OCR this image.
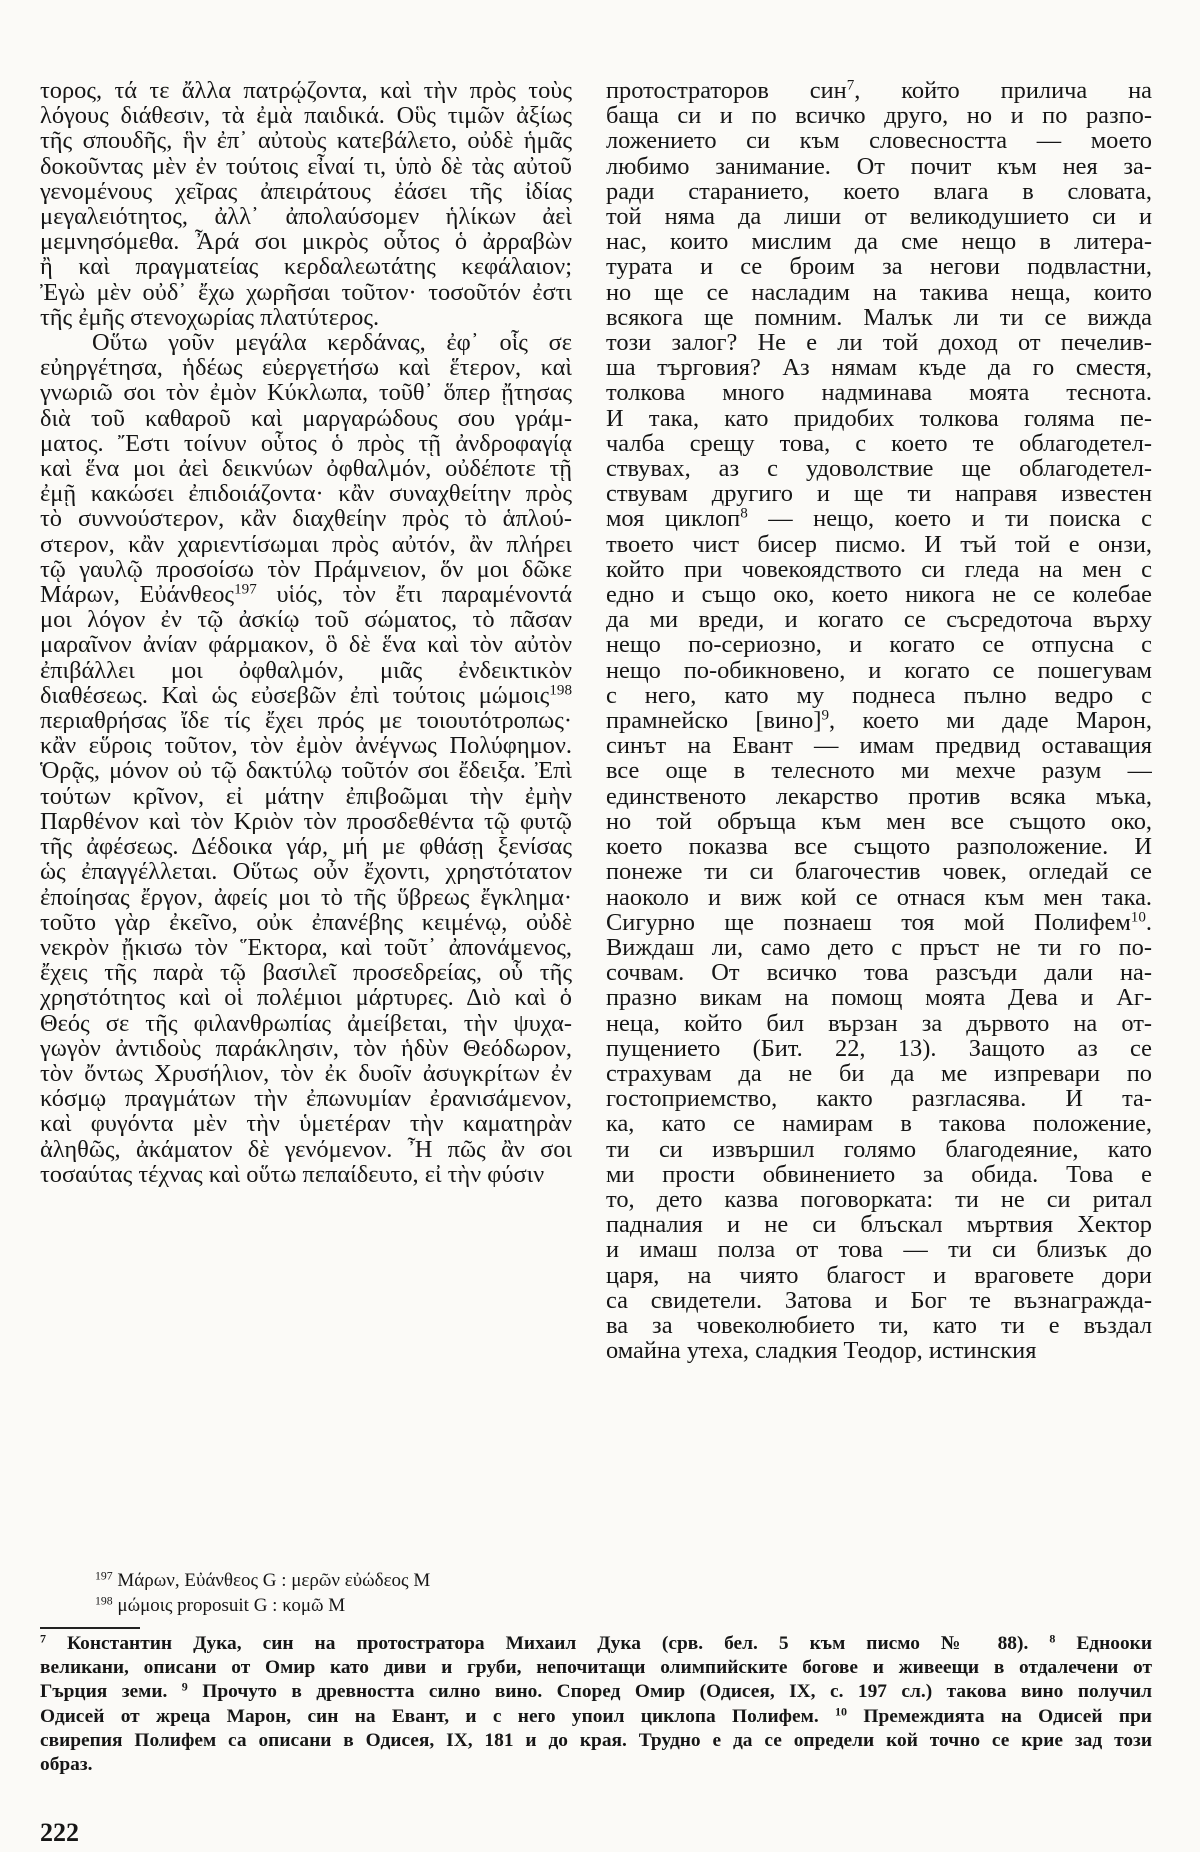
τορος, τά τε ἄλλα πατρῴζοντα, καὶ τὴν πρὸς τοὺς
λόγους διάθεσιν, τὰ ἐμὰ παιδικά. Οὓς τιμῶν ἀξίως
τῆς σπουδῆς, ἣν ἐπ᾽ αὐτοὺς κατεβάλετο, οὐδὲ ἡμᾶς
δοκοῦντας μὲν ἐν τούτοις εἶναί τι, ὑπὸ δὲ τὰς αὐτοῦ
γενομένους χεῖρας ἀπειράτους ἐάσει τῆς ἰδίας
μεγαλειότητος, ἀλλ᾽ ἀπολαύσομεν ἡλίκων ἀεὶ
μεμνησόμεθα. Ἆρά σοι μικρὸς οὗτος ὁ ἀρραβὼν
ἢ καὶ πραγματείας κερδαλεωτάτης κεφάλαιον;
Ἐγὼ μὲν οὐδ᾽ ἔχω χωρῆσαι τοῦτον· τοσοῦτόν ἐστι
τῆς ἐμῆς στενοχωρίας πλατύτερος.
Οὕτω γοῦν μεγάλα κερδάνας, ἐφ᾽ οἷς σε
εὐηργέτησα, ἡδέως εὐεργετήσω καὶ ἕτερον, καὶ
γνωριῶ σοι τὸν ἐμὸν Κύκλωπα, τοῦθ᾽ ὅπερ ᾔτησας
διὰ τοῦ καθαροῦ καὶ μαργαρώδους σου γράμ-
ματος. Ἔστι τοίνυν οὗτος ὁ πρὸς τῇ ἀνδροφαγίᾳ
καὶ ἕνα μοι ἀεὶ δεικνύων ὀφθαλμόν, οὐδέποτε τῇ
ἐμῇ κακώσει ἐπιδοιάζοντα· κἂν συναχθείτην πρὸς
τὸ συννούστερον, κἂν διαχθείην πρὸς τὸ ἁπλού-
στερον, κἂν χαριεντίσωμαι πρὸς αὐτόν, ἂν πλήρει
τῷ γαυλῷ προσοίσω τὸν Πράμνειον, ὅν μοι δῶκε
Μάρων, Εὐάνθεος$^{197}$ υἱός, τὸν ἔτι παραμένοντά
μοι λόγον ἐν τῷ ἀσκίῳ τοῦ σώματος, τὸ πᾶσαν
μαραῖνον ἀνίαν φάρμακον, ὃ δὲ ἕνα καὶ τὸν αὐτὸν
ἐπιβάλλει μοι ὀφθαλμόν, μιᾶς ἐνδεικτικὸν
διαθέσεως. Καὶ ὡς εὐσεβῶν ἐπὶ τούτοις μώμοις$^{198}$
περιαθρήσας ἴδε τίς ἔχει πρός με τοιουτότροπως·
κἂν εὕροις τοῦτον, τὸν ἐμὸν ἀνέγνως Πολύφημον.
Ὁρᾷς, μόνον οὐ τῷ δακτύλῳ τοῦτόν σοι ἔδειξα. Ἐπὶ
τούτων κρῖνον, εἰ μάτην ἐπιβοῶμαι τὴν ἐμὴν
Παρθένον καὶ τὸν Κριὸν τὸν προσδεθέντα τῷ φυτῷ
τῆς ἀφέσεως. Δέδοικα γάρ, μή με φθάσῃ ξενίσας
ὡς ἐπαγγέλλεται. Οὕτως οὖν ἔχοντι, χρηστότατον
ἐποίησας ἔργον, ἀφείς μοι τὸ τῆς ὕβρεως ἔγκλημα·
τοῦτο γὰρ ἐκεῖνο, οὐκ ἐπανέβης κειμένῳ, οὐδὲ
νεκρὸν ᾔκισω τὸν Ἕκτορα, καὶ τοῦτ᾽ ἀπονάμενος,
ἔχεις τῆς παρὰ τῷ βασιλεῖ προσεδρείας, οὗ τῆς
χρηστότητος καὶ οἱ πολέμιοι μάρτυρες. Διὸ καὶ ὁ
Θεός σε τῆς φιλανθρωπίας ἀμείβεται, τὴν ψυχα-
γωγὸν ἀντιδοὺς παράκλησιν, τὸν ἡδὺν Θεόδωρον,
τὸν ὄντως Χρυσήλιον, τὸν ἐκ δυοῖν ἀσυγκρίτων ἐν
κόσμῳ πραγμάτων τὴν ἐπωνυμίαν ἐρανισάμενον,
καὶ φυγόντα μὲν τὴν ὑμετέραν τὴν καματηρὰν
ἀληθῶς, ἀκάματον δὲ γενόμενον. Ἦ πῶς ἂν σοι
τοσαύτας τέχνας καὶ οὕτω πεπαίδευτο, εἰ τὴν φύσιν
протостраторов син$^7$, който прилича на
баща си и по всичко друго, но и по разпо-
ложението си към словесността — моето
любимо занимание. От почит към нея за-
ради старанието, което влага в словата,
той няма да лиши от великодушието си и
нас, които мислим да сме нещо в литера-
турата и се броим за негови подвластни,
но ще се насладим на такива неща, които
всякога ще помним. Малък ли ти се вижда
този залог? Не е ли той доход от печелив-
ша търговия? Аз нямам къде да го сместя,
толкова много надминава моята теснота.
И така, като придобих толкова голяма пе-
чалба срещу това, с което те облагодетел-
ствувах, аз с удоволствие ще облагодетел-
ствувам другиго и ще ти направя известен
моя циклоп$^8$ — нещо, което и ти поиска с
твоето чист бисер писмо. И тъй той е онзи,
който при човекоядството си гледа на мен с
едно и също око, което никога не се колебае
да ми вреди, и когато се съсредоточа върху
нещо по-сериозно, и когато се отпусна с
нещо по-обикновено, и когато се пошегувам
с него, като му поднеса пълно ведро с
прамнейско [вино]$^9$, което ми даде Марон,
синът на Евант — имам предвид оставащия
все още в телесното ми мехче разум —
единственото лекарство против всяка мъка,
но той обръща към мен все същото око,
което показва все същото разположение. И
понеже ти си благочестив човек, огледай се
наоколо и виж кой се отнася към мен така.
Сигурно ще познаеш тоя мой Полифем$^{10}$.
Виждаш ли, само дето с пръст не ти го по-
сочвам. От всичко това разсъди дали на-
празно викам на помощ моята Дева и Аг-
неца, който бил вързан за дървото на от-
пущението (Бит. 22, 13). Защото аз се
страхувам да не би да ме изпревари по
гостоприемство, както разгласява. И та-
ка, като се намирам в такова положение,
ти си извършил голямо благодеяние, като
ми прости обвинението за обида. Това е
то, дето казва поговорката: ти не си ритал
падналия и не си блъскал мъртвия Хектор
и имаш полза от това — ти си близък до
царя, на чиято благост и враговете дори
са свидетели. Затова и Бог те възнагражда-
ва за човеколюбието ти, като ти е въздал
омайна утеха, сладкия Теодор, истинския
$^{197}$ Μάρων, Εὐάνθεος G : μερῶν εὐώδεος M
$^{198}$ μώμοις proposuit G : κομῶ M
$^7$ Константин Дука, син на протостратора Михаил Дука (срв. бел. 5 към писмо № 88). $^8$ Еднооки
великани, описани от Омир като диви и груби, непочитащи олимпийските богове и живеещи в отдалечени от
Гърция земи. $^9$ Прочуто в древността силно вино. Според Омир (Одисея, IX, с. 197 сл.) такова вино получил
Одисей от жреца Марон, син на Евант, и с него упоил циклопа Полифем. $^{10}$ Премеждията на Одисей при
свирепия Полифем са описани в Одисея, IX, 181 и до края. Трудно е да се определи кой точно се крие зад този
образ.
222
